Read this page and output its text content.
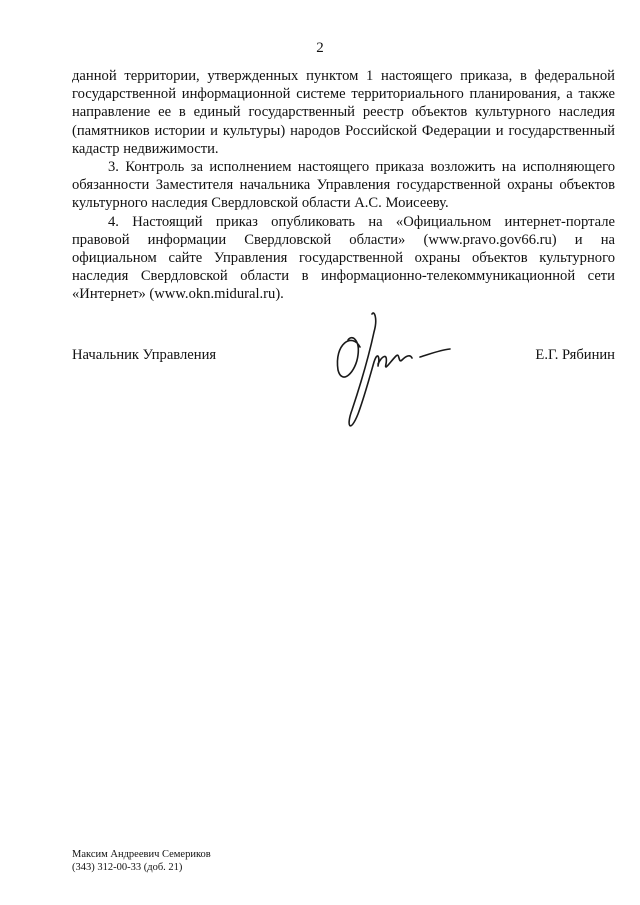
2

данной территории, утвержденных пунктом 1 настоящего приказа, в федеральной государственной информационной системе территориального планирования, а также направление ее в единый государственный реестр объектов культурного наследия (памятников истории и культуры) народов Российской Федерации и государственный кадастр недвижимости.

3. Контроль за исполнением настоящего приказа возложить на исполняющего обязанности Заместителя начальника Управления государственной охраны объектов культурного наследия Свердловской области А.С. Моисееву.

4. Настоящий приказ опубликовать на «Официальном интернет-портале правовой информации Свердловской области» (www.pravo.gov66.ru) и на официальном сайте Управления государственной охраны объектов культурного наследия Свердловской области в информационно-телекоммуникационной сети «Интернет» (www.okn.midural.ru).

Начальник Управления	Е.Г. Рябинин
Максим Андреевич Семериков
(343) 312-00-33 (доб. 21)
